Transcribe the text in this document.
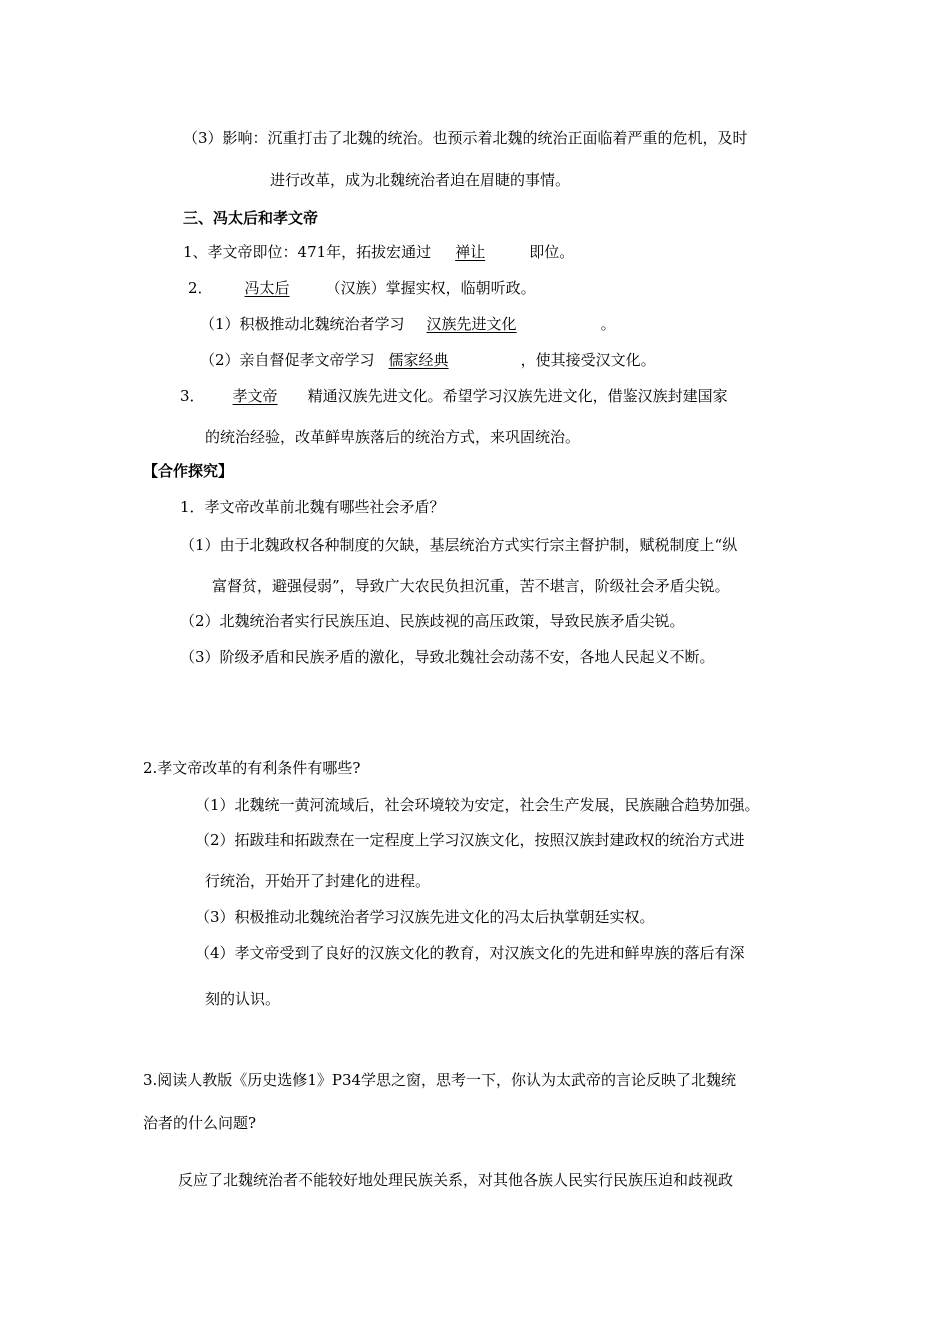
（3）影响：沉重打击了北魏的统治。也预示着北魏的统治正面临着严重的危机，及时
进行改革，成为北魏统治者迫在眉睫的事情。
三、冯太后和孝文帝
1、孝文帝即位：471年，拓拔宏通过 禅让	即位。
2． 冯太后 （汉族）掌握实权，临朝听政。
（1）积极推动北魏统治者学习 汉族先进文化	。
（2）亲自督促孝文帝学习 儒家经典	，使其接受汉文化。
3． 孝文帝 精通汉族先进文化。希望学习汉族先进文化，借鉴汉族封建国家
的统治经验，改革鲜卑族落后的统治方式，来巩固统治。
【合作探究】
1．孝文帝改革前北魏有哪些社会矛盾？
（1）由于北魏政权各种制度的欠缺，基层统治方式实行宗主督护制，赋税制度上“纵
富督贫，避强侵弱”，导致广大农民负担沉重，苦不堪言，阶级社会矛盾尖锐。
（2）北魏统治者实行民族压迫、民族歧视的高压政策，导致民族矛盾尖锐。
（3）阶级矛盾和民族矛盾的激化，导致北魏社会动荡不安，各地人民起义不断。
2.孝文帝改革的有利条件有哪些?
（1）北魏统一黄河流域后，社会环境较为安定，社会生产发展，民族融合趋势加强。
（2）拓跋珪和拓跋焘在一定程度上学习汉族文化，按照汉族封建政权的统治方式进
行统治，开始开了封建化的进程。
（3）积极推动北魏统治者学习汉族先进文化的冯太后执掌朝廷实权。
（4）孝文帝受到了良好的汉族文化的教育，对汉族文化的先进和鲜卑族的落后有深
刻的认识。
3.阅读人教版《历史选修1》P34学思之窗，思考一下，你认为太武帝的言论反映了北魏统
治者的什么问题?
反应了北魏统治者不能较好地处理民族关系，对其他各族人民实行民族压迫和歧视政
